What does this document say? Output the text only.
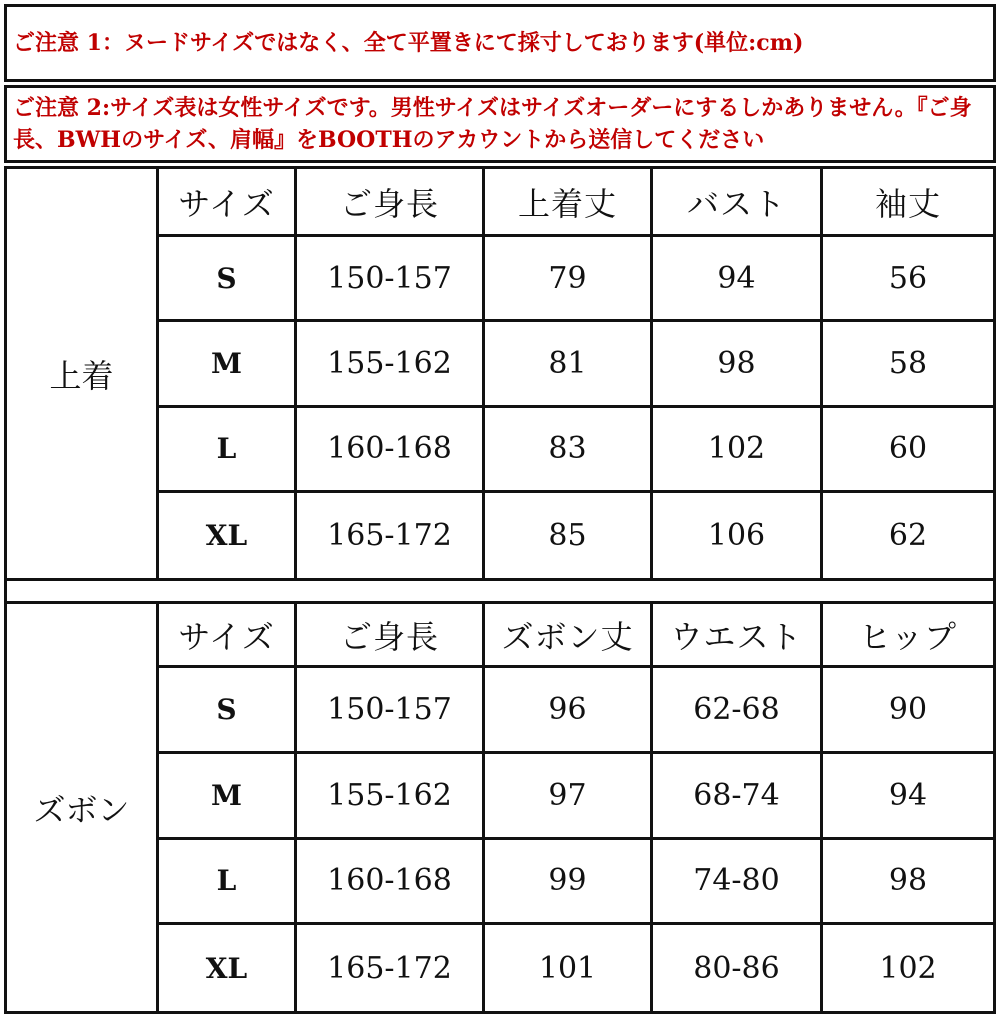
ご注意 1：ヌードサイズではなく、全て平置きにて採寸しております(単位:cm)
ご注意 2:サイズ表は女性サイズです。男性サイズはサイズオーダーにするしかありません。『ご身長、BWHのサイズ、肩幅』をBOOTHのアカウントから送信してください
上着
サイズ	ご身長	上着丈	バスト	袖丈
S	150-157	79	94	56
M	155-162	81	98	58
L	160-168	83	102	60
XL	165-172	85	106	62
ズボン
サイズ	ご身長	ズボン丈	ウエスト	ヒップ
S	150-157	96	62-68	90
M	155-162	97	68-74	94
L	160-168	99	74-80	98
XL	165-172	101	80-86	102
